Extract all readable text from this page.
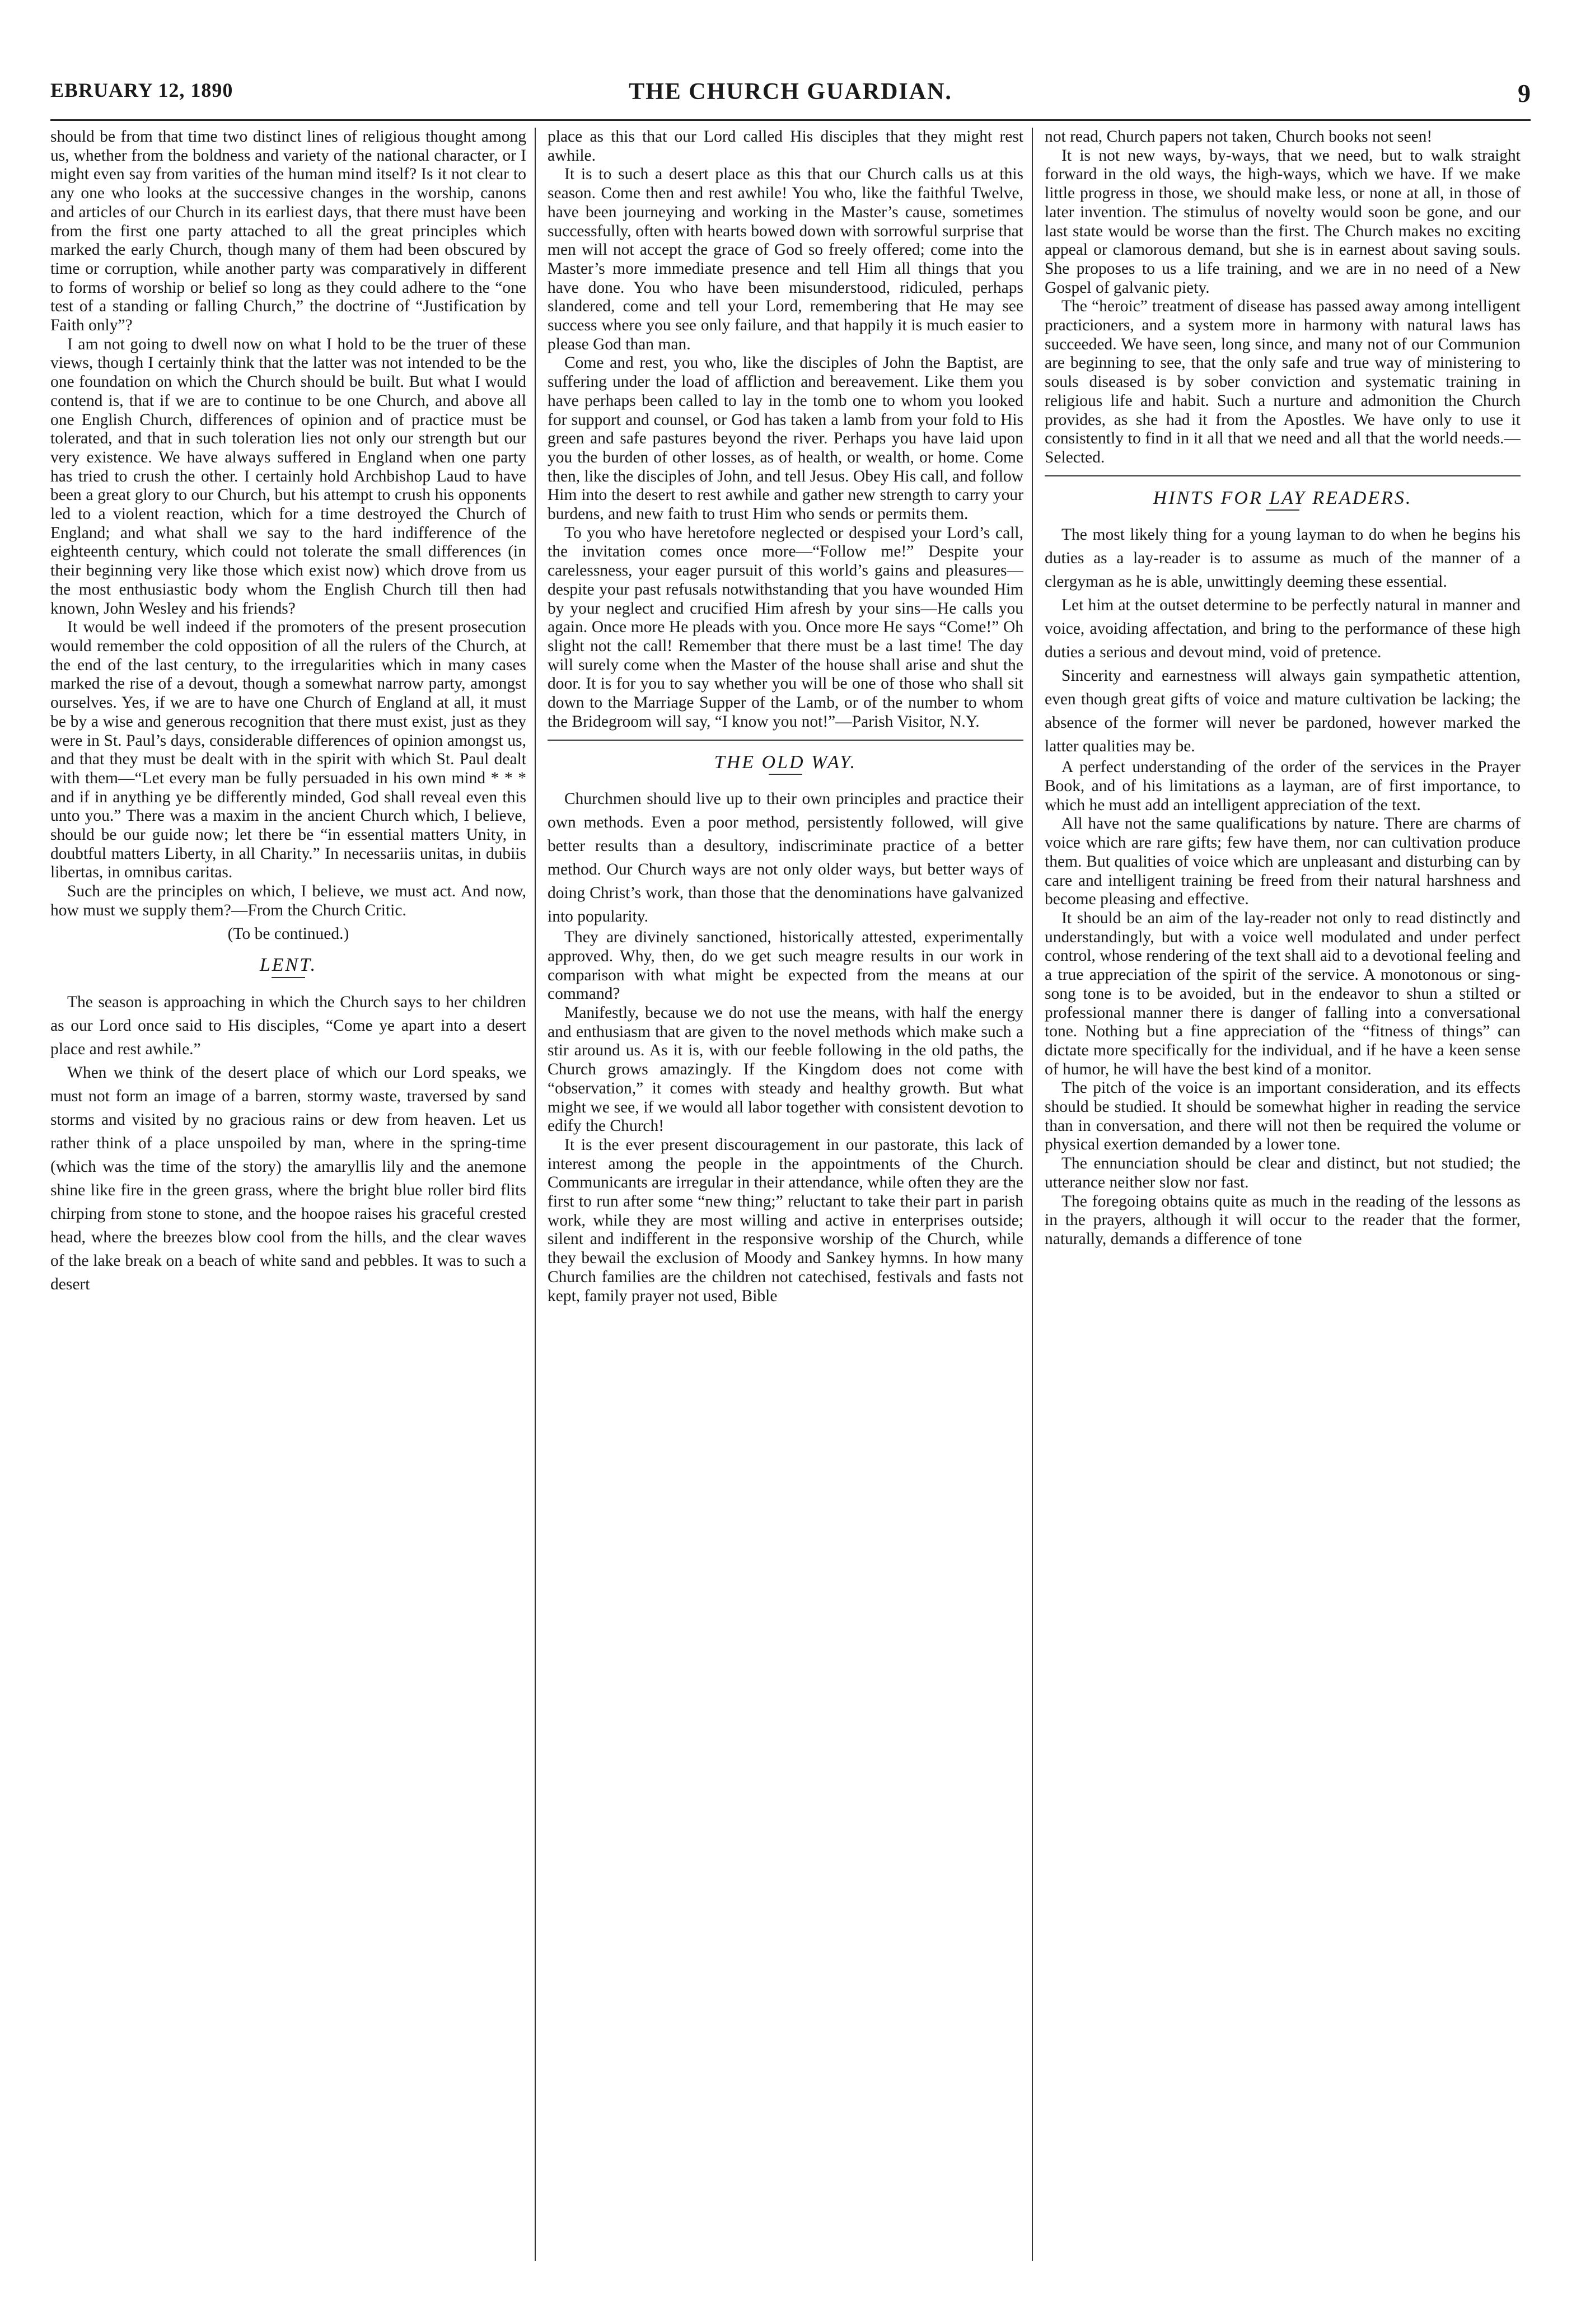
EBRUARY 12, 1890	THE CHURCH GUARDIAN.	9

should be from that time two distinct lines of religious thought among us, whether from the boldness and variety of the national character, or I might even say from varities of the human mind itself? Is it not clear to any one who looks at the successive changes in the worship, canons and articles of our Church in its earliest days, that there must have been from the first one party attached to all the great principles which marked the early Church, though many of them had been obscured by time or corruption, while another party was comparatively in different to forms of worship or belief so long as they could adhere to the “one test of a standing or falling Church,” the doctrine of “Justification by Faith only”?

I am not going to dwell now on what I hold to be the truer of these views, though I certainly think that the latter was not intended to be the one foundation on which the Church should be built. But what I would contend is, that if we are to continue to be one Church, and above all one English Church, differences of opinion and of practice must be tolerated, and that in such toleration lies not only our strength but our very existence. We have always suffered in England when one party has tried to crush the other. I certainly hold Archbishop Laud to have been a great glory to our Church, but his attempt to crush his opponents led to a violent reaction, which for a time destroyed the Church of England; and what shall we say to the hard indifference of the eighteenth century, which could not tolerate the small differences (in their beginning very like those which exist now) which drove from us the most enthusiastic body whom the English Church till then had known, John Wesley and his friends?

It would be well indeed if the promoters of the present prosecution would remember the cold opposition of all the rulers of the Church, at the end of the last century, to the irregularities which in many cases marked the rise of a devout, though a somewhat narrow party, amongst ourselves. Yes, if we are to have one Church of England at all, it must be by a wise and generous recognition that there must exist, just as they were in St. Paul’s days, considerable differences of opinion amongst us, and that they must be dealt with in the spirit with which St. Paul dealt with them—“Let every man be fully persuaded in his own mind * * * and if in anything ye be differently minded, God shall reveal even this unto you.” There was a maxim in the ancient Church which, I believe, should be our guide now; let there be “in essential matters Unity, in doubtful matters Liberty, in all Charity.” In necessariis unitas, in dubiis libertas, in omnibus caritas.

Such are the principles on which, I believe, we must act. And now, how must we supply them?—From the Church Critic.

(To be continued.)

LENT.

The season is approaching in which the Church says to her children as our Lord once said to His disciples, “Come ye apart into a desert place and rest awhile.”

When we think of the desert place of which our Lord speaks, we must not form an image of a barren, stormy waste, traversed by sand storms and visited by no gracious rains or dew from heaven. Let us rather think of a place unspoiled by man, where in the spring-time (which was the time of the story) the amaryllis lily and the anemone shine like fire in the green grass, where the bright blue roller bird flits chirping from stone to stone, and the hoopoe raises his graceful crested head, where the breezes blow cool from the hills, and the clear waves of the lake break on a beach of white sand and pebbles. It was to such a desert

place as this that our Lord called His disciples that they might rest awhile.

It is to such a desert place as this that our Church calls us at this season. Come then and rest awhile! You who, like the faithful Twelve, have been journeying and working in the Master’s cause, sometimes successfully, often with hearts bowed down with sorrowful surprise that men will not accept the grace of God so freely offered; come into the Master’s more immediate presence and tell Him all things that you have done. You who have been misunderstood, ridiculed, perhaps slandered, come and tell your Lord, remembering that He may see success where you see only failure, and that happily it is much easier to please God than man.

Come and rest, you who, like the disciples of John the Baptist, are suffering under the load of affliction and bereavement. Like them you have perhaps been called to lay in the tomb one to whom you looked for support and counsel, or God has taken a lamb from your fold to His green and safe pastures beyond the river. Perhaps you have laid upon you the burden of other losses, as of health, or wealth, or home. Come then, like the disciples of John, and tell Jesus. Obey His call, and follow Him into the desert to rest awhile and gather new strength to carry your burdens, and new faith to trust Him who sends or permits them.

To you who have heretofore neglected or despised your Lord’s call, the invitation comes once more—“Follow me!” Despite your carelessness, your eager pursuit of this world’s gains and pleasures—despite your past refusals notwithstanding that you have wounded Him by your neglect and crucified Him afresh by your sins—He calls you again. Once more He pleads with you. Once more He says “Come!” Oh slight not the call! Remember that there must be a last time! The day will surely come when the Master of the house shall arise and shut the door. It is for you to say whether you will be one of those who shall sit down to the Marriage Supper of the Lamb, or of the number to whom the Bridegroom will say, “I know you not!”—Parish Visitor, N.Y.

THE OLD WAY.

Churchmen should live up to their own principles and practice their own methods. Even a poor method, persistently followed, will give better results than a desultory, indiscriminate practice of a better method. Our Church ways are not only older ways, but better ways of doing Christ’s work, than those that the denominations have galvanized into popularity.

They are divinely sanctioned, historically attested, experimentally approved. Why, then, do we get such meagre results in our work in comparison with what might be expected from the means at our command?

Manifestly, because we do not use the means, with half the energy and enthusiasm that are given to the novel methods which make such a stir around us. As it is, with our feeble following in the old paths, the Church grows amazingly. If the Kingdom does not come with “observation,” it comes with steady and healthy growth. But what might we see, if we would all labor together with consistent devotion to edify the Church!

It is the ever present discouragement in our pastorate, this lack of interest among the people in the appointments of the Church. Communicants are irregular in their attendance, while often they are the first to run after some “new thing;” reluctant to take their part in parish work, while they are most willing and active in enterprises outside; silent and indifferent in the responsive worship of the Church, while they bewail the exclusion of Moody and Sankey hymns. In how many Church families are the children not catechised, festivals and fasts not kept, family prayer not used, Bible

not read, Church papers not taken, Church books not seen!

It is not new ways, by-ways, that we need, but to walk straight forward in the old ways, the high-ways, which we have. If we make little progress in those, we should make less, or none at all, in those of later invention. The stimulus of novelty would soon be gone, and our last state would be worse than the first. The Church makes no exciting appeal or clamorous demand, but she is in earnest about saving souls. She proposes to us a life training, and we are in no need of a New Gospel of galvanic piety.

The “heroic” treatment of disease has passed away among intelligent practicioners, and a system more in harmony with natural laws has succeeded. We have seen, long since, and many not of our Communion are beginning to see, that the only safe and true way of ministering to souls diseased is by sober conviction and systematic training in religious life and habit. Such a nurture and admonition the Church provides, as she had it from the Apostles. We have only to use it consistently to find in it all that we need and all that the world needs.—Selected.

HINTS FOR LAY READERS.

The most likely thing for a young layman to do when he begins his duties as a lay-reader is to assume as much of the manner of a clergyman as he is able, unwittingly deeming these essential.

Let him at the outset determine to be perfectly natural in manner and voice, avoiding affectation, and bring to the performance of these high duties a serious and devout mind, void of pretence.

Sincerity and earnestness will always gain sympathetic attention, even though great gifts of voice and mature cultivation be lacking; the absence of the former will never be pardoned, however marked the latter qualities may be.

A perfect understanding of the order of the services in the Prayer Book, and of his limitations as a layman, are of first importance, to which he must add an intelligent appreciation of the text.

All have not the same qualifications by nature. There are charms of voice which are rare gifts; few have them, nor can cultivation produce them. But qualities of voice which are unpleasant and disturbing can by care and intelligent training be freed from their natural harshness and become pleasing and effective.

It should be an aim of the lay-reader not only to read distinctly and understandingly, but with a voice well modulated and under perfect control, whose rendering of the text shall aid to a devotional feeling and a true appreciation of the spirit of the service. A monotonous or sing-song tone is to be avoided, but in the endeavor to shun a stilted or professional manner there is danger of falling into a conversational tone. Nothing but a fine appreciation of the “fitness of things” can dictate more specifically for the individual, and if he have a keen sense of humor, he will have the best kind of a monitor.

The pitch of the voice is an important consideration, and its effects should be studied. It should be somewhat higher in reading the service than in conversation, and there will not then be required the volume or physical exertion demanded by a lower tone.

The ennunciation should be clear and distinct, but not studied; the utterance neither slow nor fast.

The foregoing obtains quite as much in the reading of the lessons as in the prayers, although it will occur to the reader that the former, naturally, demands a difference of tone
